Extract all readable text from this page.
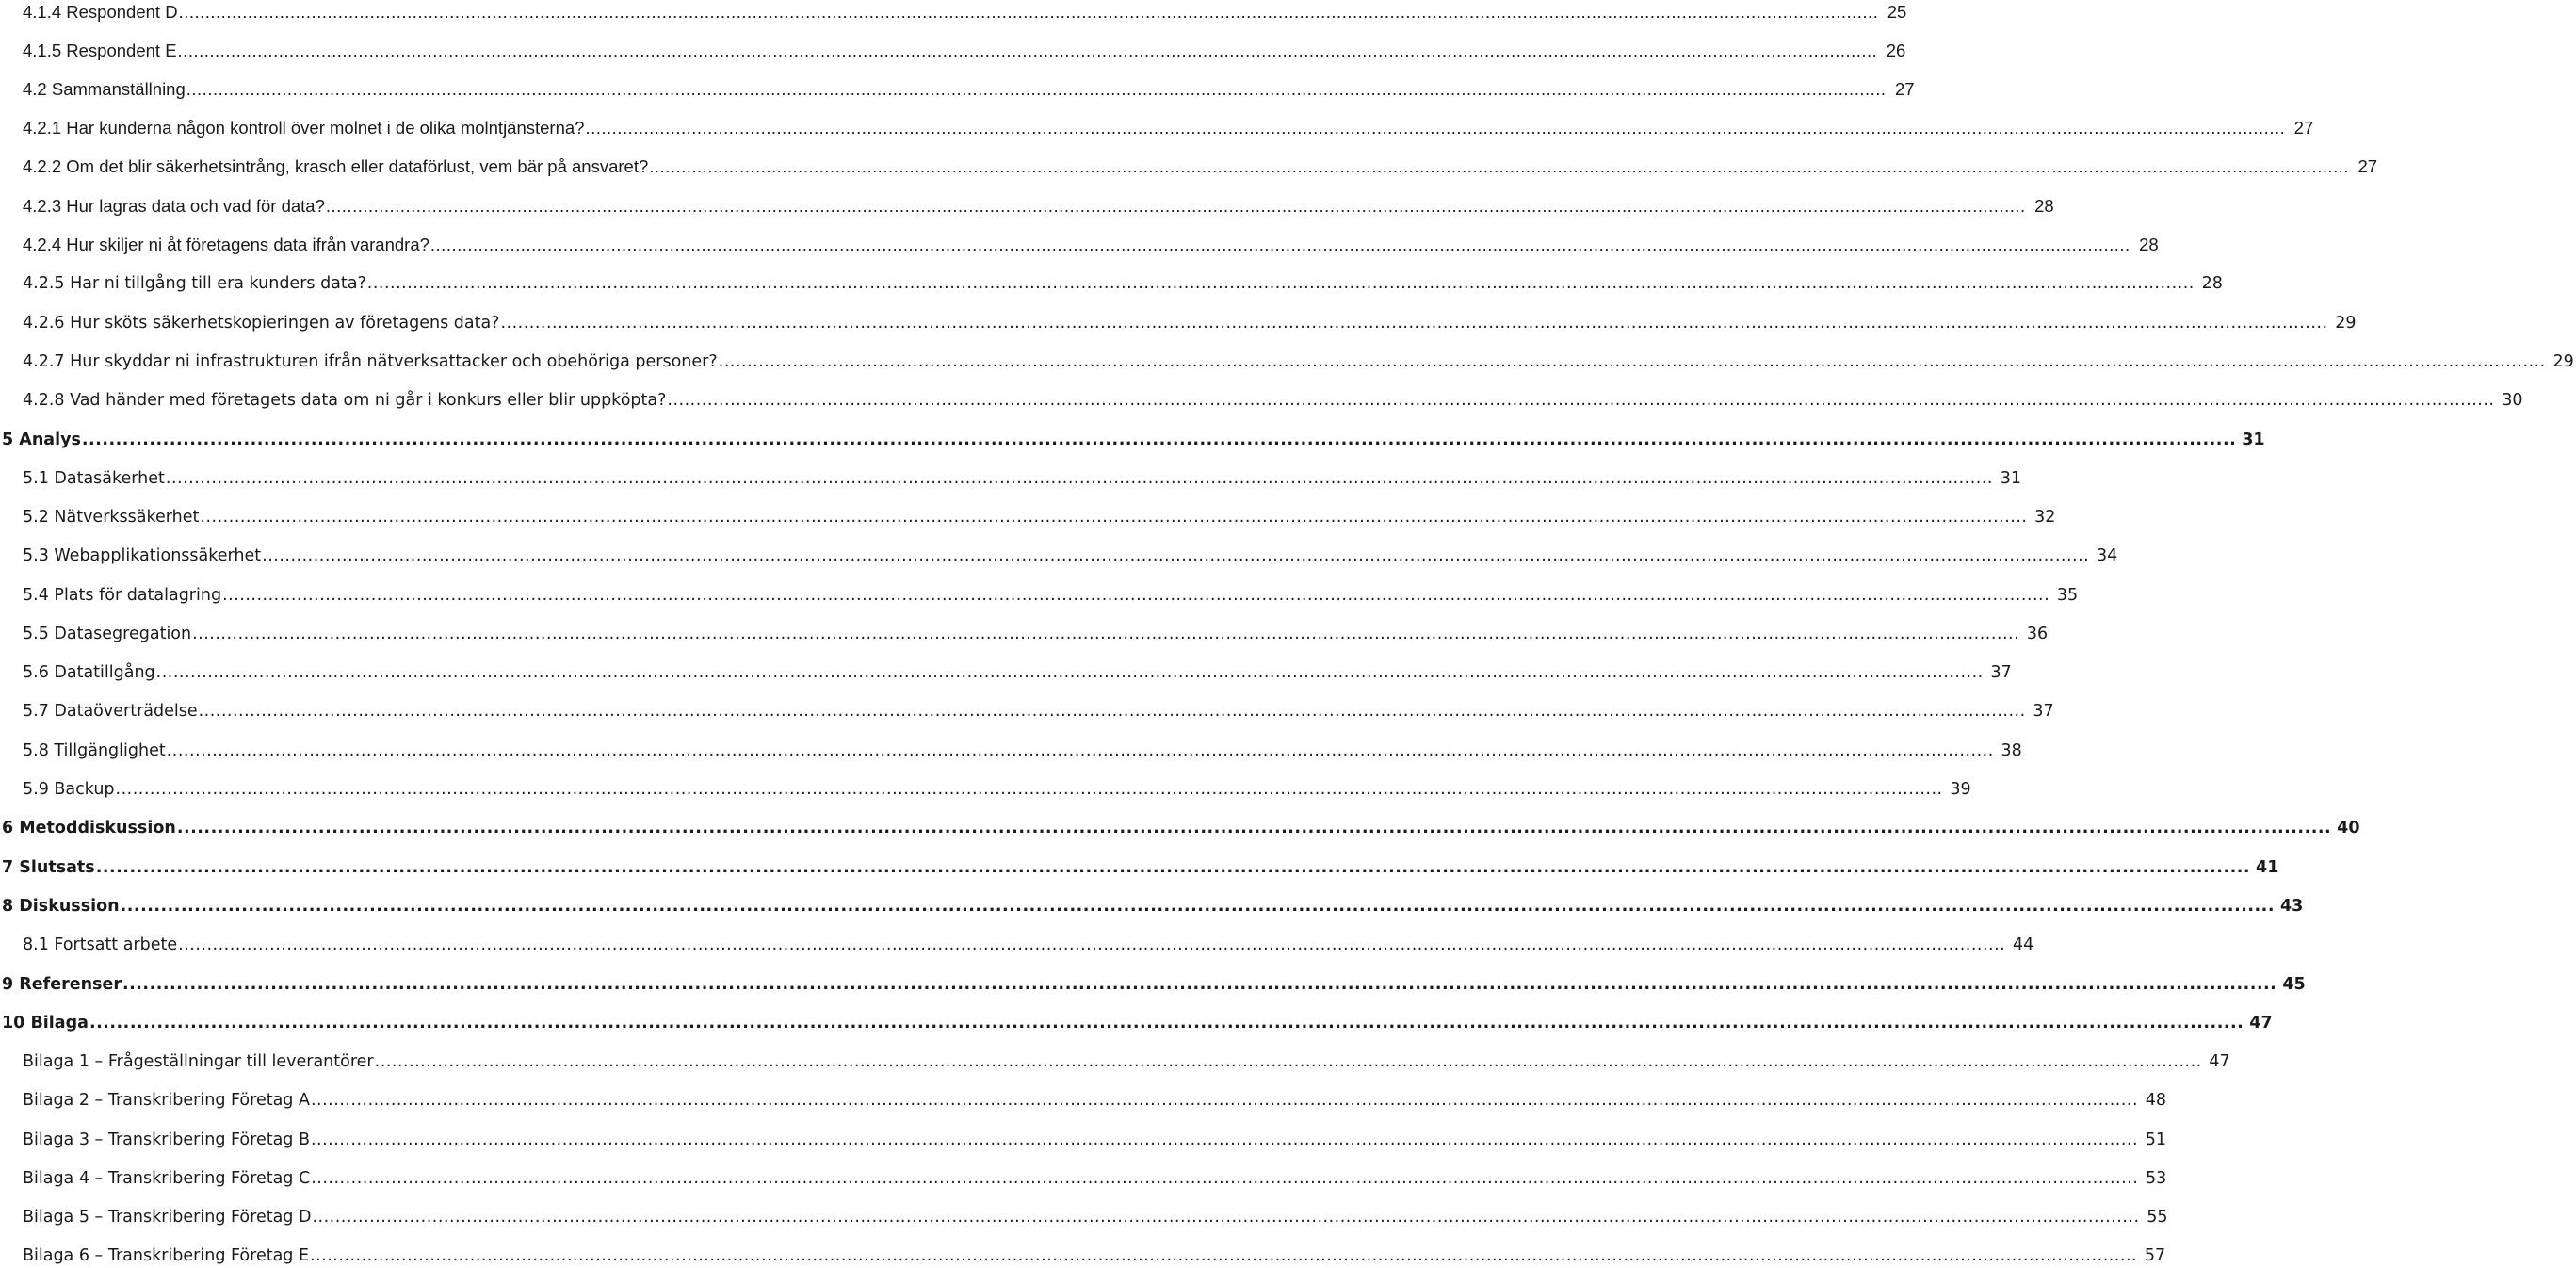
4.1.4 Respondent D .....	25
4.1.5 Respondent E .....	26
4.2 Sammanställning .....	27
4.2.1 Har kunderna någon kontroll över molnet i de olika molntjänsterna? .....	27
4.2.2 Om det blir säkerhetsintrång, krasch eller dataförlust, vem bär på ansvaret? .....	27
4.2.3 Hur lagras data och vad för data? .....	28
4.2.4 Hur skiljer ni åt företagens data ifrån varandra? .....	28
4.2.5 Har ni tillgång till era kunders data? .....	28
4.2.6 Hur sköts säkerhetskopieringen av företagens data? .....	29
4.2.7 Hur skyddar ni infrastrukturen ifrån nätverksattacker och obehöriga personer? .....	29
4.2.8 Vad händer med företagets data om ni går i konkurs eller blir uppköpta? .....	30
5 Analys .....	31
5.1 Datasäkerhet .....	31
5.2 Nätverkssäkerhet .....	32
5.3 Webapplikationssäkerhet .....	34
5.4 Plats för datalagring .....	35
5.5 Datasegregation .....	36
5.6 Datatillgång .....	37
5.7 Dataöverträdelse .....	37
5.8 Tillgänglighet .....	38
5.9 Backup .....	39
6 Metoddiskussion .....	40
7 Slutsats .....	41
8 Diskussion .....	43
8.1 Fortsatt arbete .....	44
9 Referenser .....	45
10 Bilaga .....	47
Bilaga 1 – Frågeställningar till leverantörer .....	47
Bilaga 2 – Transkribering Företag A .....	48
Bilaga 3 – Transkribering Företag B .....	51
Bilaga 4 – Transkribering Företag C .....	53
Bilaga 5 – Transkribering Företag D .....	55
Bilaga 6 – Transkribering Företag E .....	57
